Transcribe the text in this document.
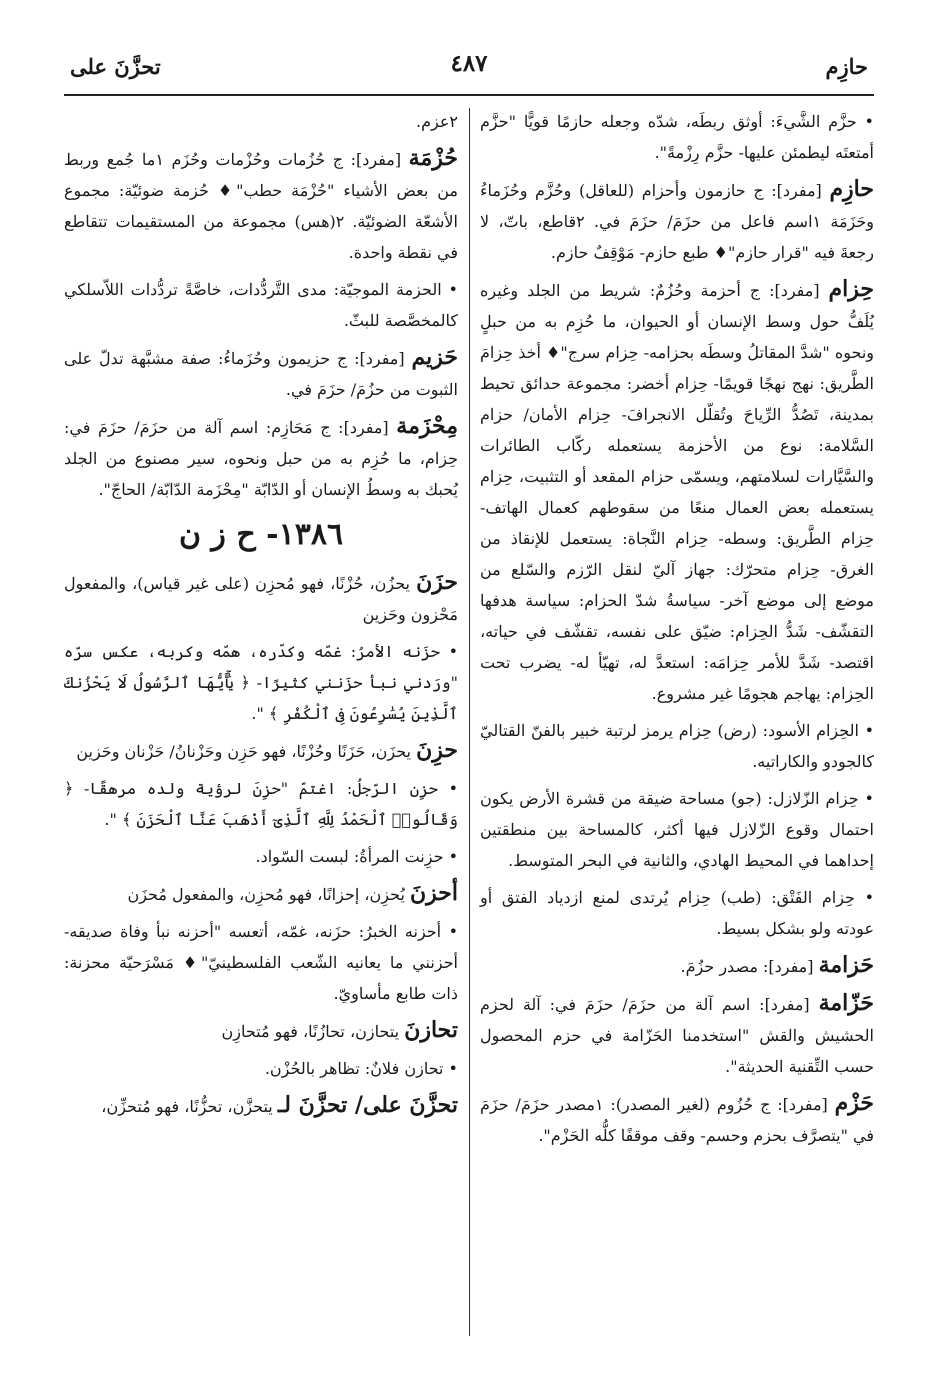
حازِم
٤٨٧
تحزَّنَ على

• حزَّم الشَّيءَ: أوثق ربطَه، شدّه وجعله حازمًا قويًّا "حزَّم أمتعتَه ليطمئن عليها- حزَّم رِزْمةً".

حازِم [مفرد]: ج حازمون وأحزام (للعاقل) وحُزَّم وحُزَماءُ وحَزَمَة ١اسم فاعل من حزَمَ/ حزَمَ في. ٢قاطع، باتّ، لا رجعةَ فيه "قرار حازم"♦ طبع حازم- مَوْقِفٌ حازم.

حِزام [مفرد]: ج أحزمة وحُزُمٌ: شريط من الجلد وغيره يُلَفُّ حول وسط الإنسان أو الحيوان، ما حُزِم به من حبلٍ ونحوه "شدَّ المقاتلُ وسطَه بحزامه- حِزام سرج"♦ أخذ حِزامَ الطَّريق: نهج نهجًا قويمًا- حِزام أخضر: مجموعة حدائق تحيط بمدينة، تَصُدُّ الرِّياحَ وتُقلّل الانجرافَ- حِزام الأمان/ حزام السَّلامة: نوع من الأحزمة يستعمله ركّاب الطائرات والسَّيَّارات لسلامتهم، ويسمّى حزام المقعد أو التثبيت، حِزام يستعمله بعض العمال منعًا من سقوطهم كعمال الهاتف- حِزام الطَّريق: وسطه- حِزام النَّجاة: يستعمل للإنقاذ من الغرق- حِزام متحرّك: جهاز آليّ لنقل الرّزم والسّلع من موضع إلى موضع آخر- سياسةُ شدّ الحزام: سياسة هدفها التقشّف- شَدُّ الحِزام: ضيّق على نفسه، تقشّف في حياته، اقتصد- شَدَّ للأمر حِزامَه: استعدَّ له، تهيّأ له- يضرب تحت الحِزام: يهاجم هجومًا غير مشروع.

• الحِزام الأسود: (رض) حِزام يرمز لرتبة خبير بالفنّ القتاليّ كالجودو والكاراتيه.

• حِزام الزّلازل: (جو) مساحة ضيقة من قشرة الأرض يكون احتمال وقوع الزّلازل فيها أكثر، كالمساحة بين منطقتين إحداهما في المحيط الهادي، والثانية في البحر المتوسط.

• حِزام الفَتْق: (طب) حِزام يُرتدى لمنع ازدياد الفتق أو عودته ولو بشكل بسيط.

حَزامة [مفرد]: مصدر حزُمَ.

حَزّامة [مفرد]: اسم آلة من حزَمَ/ حزَمَ في: آلة لحزم الحشيش والقش "استخدمنا الحَزّامة في حزم المحصول حسب التِّقنية الحديثة".

حَزْم [مفرد]: ج حُزُوم (لغير المصدر): ١مصدر حزَمَ/ حزَمَ في "يتصرَّف بحزم وحسم- وقف موقفًا كلُّه الحَزْم".

٢عزم.

حُزْمَة [مفرد]: ج حُزُمات وحُزْمات وحُزَم ١ما جُمع وربط من بعض الأشياء "حُزْمَة حطب"♦ حُزمة ضوئيّة: مجموع الأشعّة الضوئيّة. ٢(هس) مجموعة من المستقيمات تتقاطع في نقطة واحدة.

• الحزمة الموجيّة: مدى التَّردُّدات، خاصَّةً تردُّدات اللاّسلكي كالمخصَّصة للبثّ.

حَزيم [مفرد]: ج حزيمون وحُزَماءُ: صفة مشبَّهة تدلّ على الثبوت من حزُمَ/ حزَمَ في.

مِحْزَمة [مفرد]: ج مَحَازِم: اسم آلة من حزَمَ/ حزَمَ في: حِزام، ما حُزِم به من حبل ونحوه، سير مصنوع من الجلد يُحبك به وسطُ الإنسان أو الدّابّة "مِحْزَمة الدّابّة/ الحاجّ".

١٣٨٦- ح ز ن

حزَنَ يحزُن، حُزْنًا، فهو مُحزِن (على غير قياس)، والمفعول مَحْزون وحَزين

• حزَنه الأمرُ: غمّه وكدّره، همّه وكربه، عكس سرّه "ورَدني نبأ حزَنني كثيرًا- ﴿ يَٰٓأَيُّهَا ٱلرَّسُولُ لَا يَحْزُنكَ ٱلَّذِينَ يُسَٰرِعُونَ فِى ٱلْكُفْرِ ﴾ ".

حزِنَ يحزَن، حَزَنًا وحُزْنًا، فهو حَزِن وحَزْنانُ/ حَزْنان وحَزين

• حزِن الرّجلُ: اغتمّ "حزِنَ لرؤية ولده مرهقًا- ﴿ وَقَالُوا۟ ٱلْحَمْدُ لِلَّهِ ٱلَّذِىٓ أَذْهَبَ عَنَّا ٱلْحَزَنَ ﴾ ".

• حزِنت المرأةُ: لبست السّواد.

أحزنَ يُحزِن، إحزانًا، فهو مُحزِن، والمفعول مُحزَن

• أحزنه الخبرُ: حزَنه، غمّه، أتعسه "أحزنه نبأ وفاة صديقه- أحزنني ما يعانيه الشّعب الفلسطينيّ"♦ مَسْرَحيّة محزنة: ذات طابع مأساويّ.

تحازنَ يتحازن، تحازُنًا، فهو مُتحازِن

• تحازن فلانٌ: تظاهر بالحُزْن.

تحزَّنَ على/ تحزَّنَ لـ يتحزَّن، تحزُّنًا، فهو مُتحزِّن،
